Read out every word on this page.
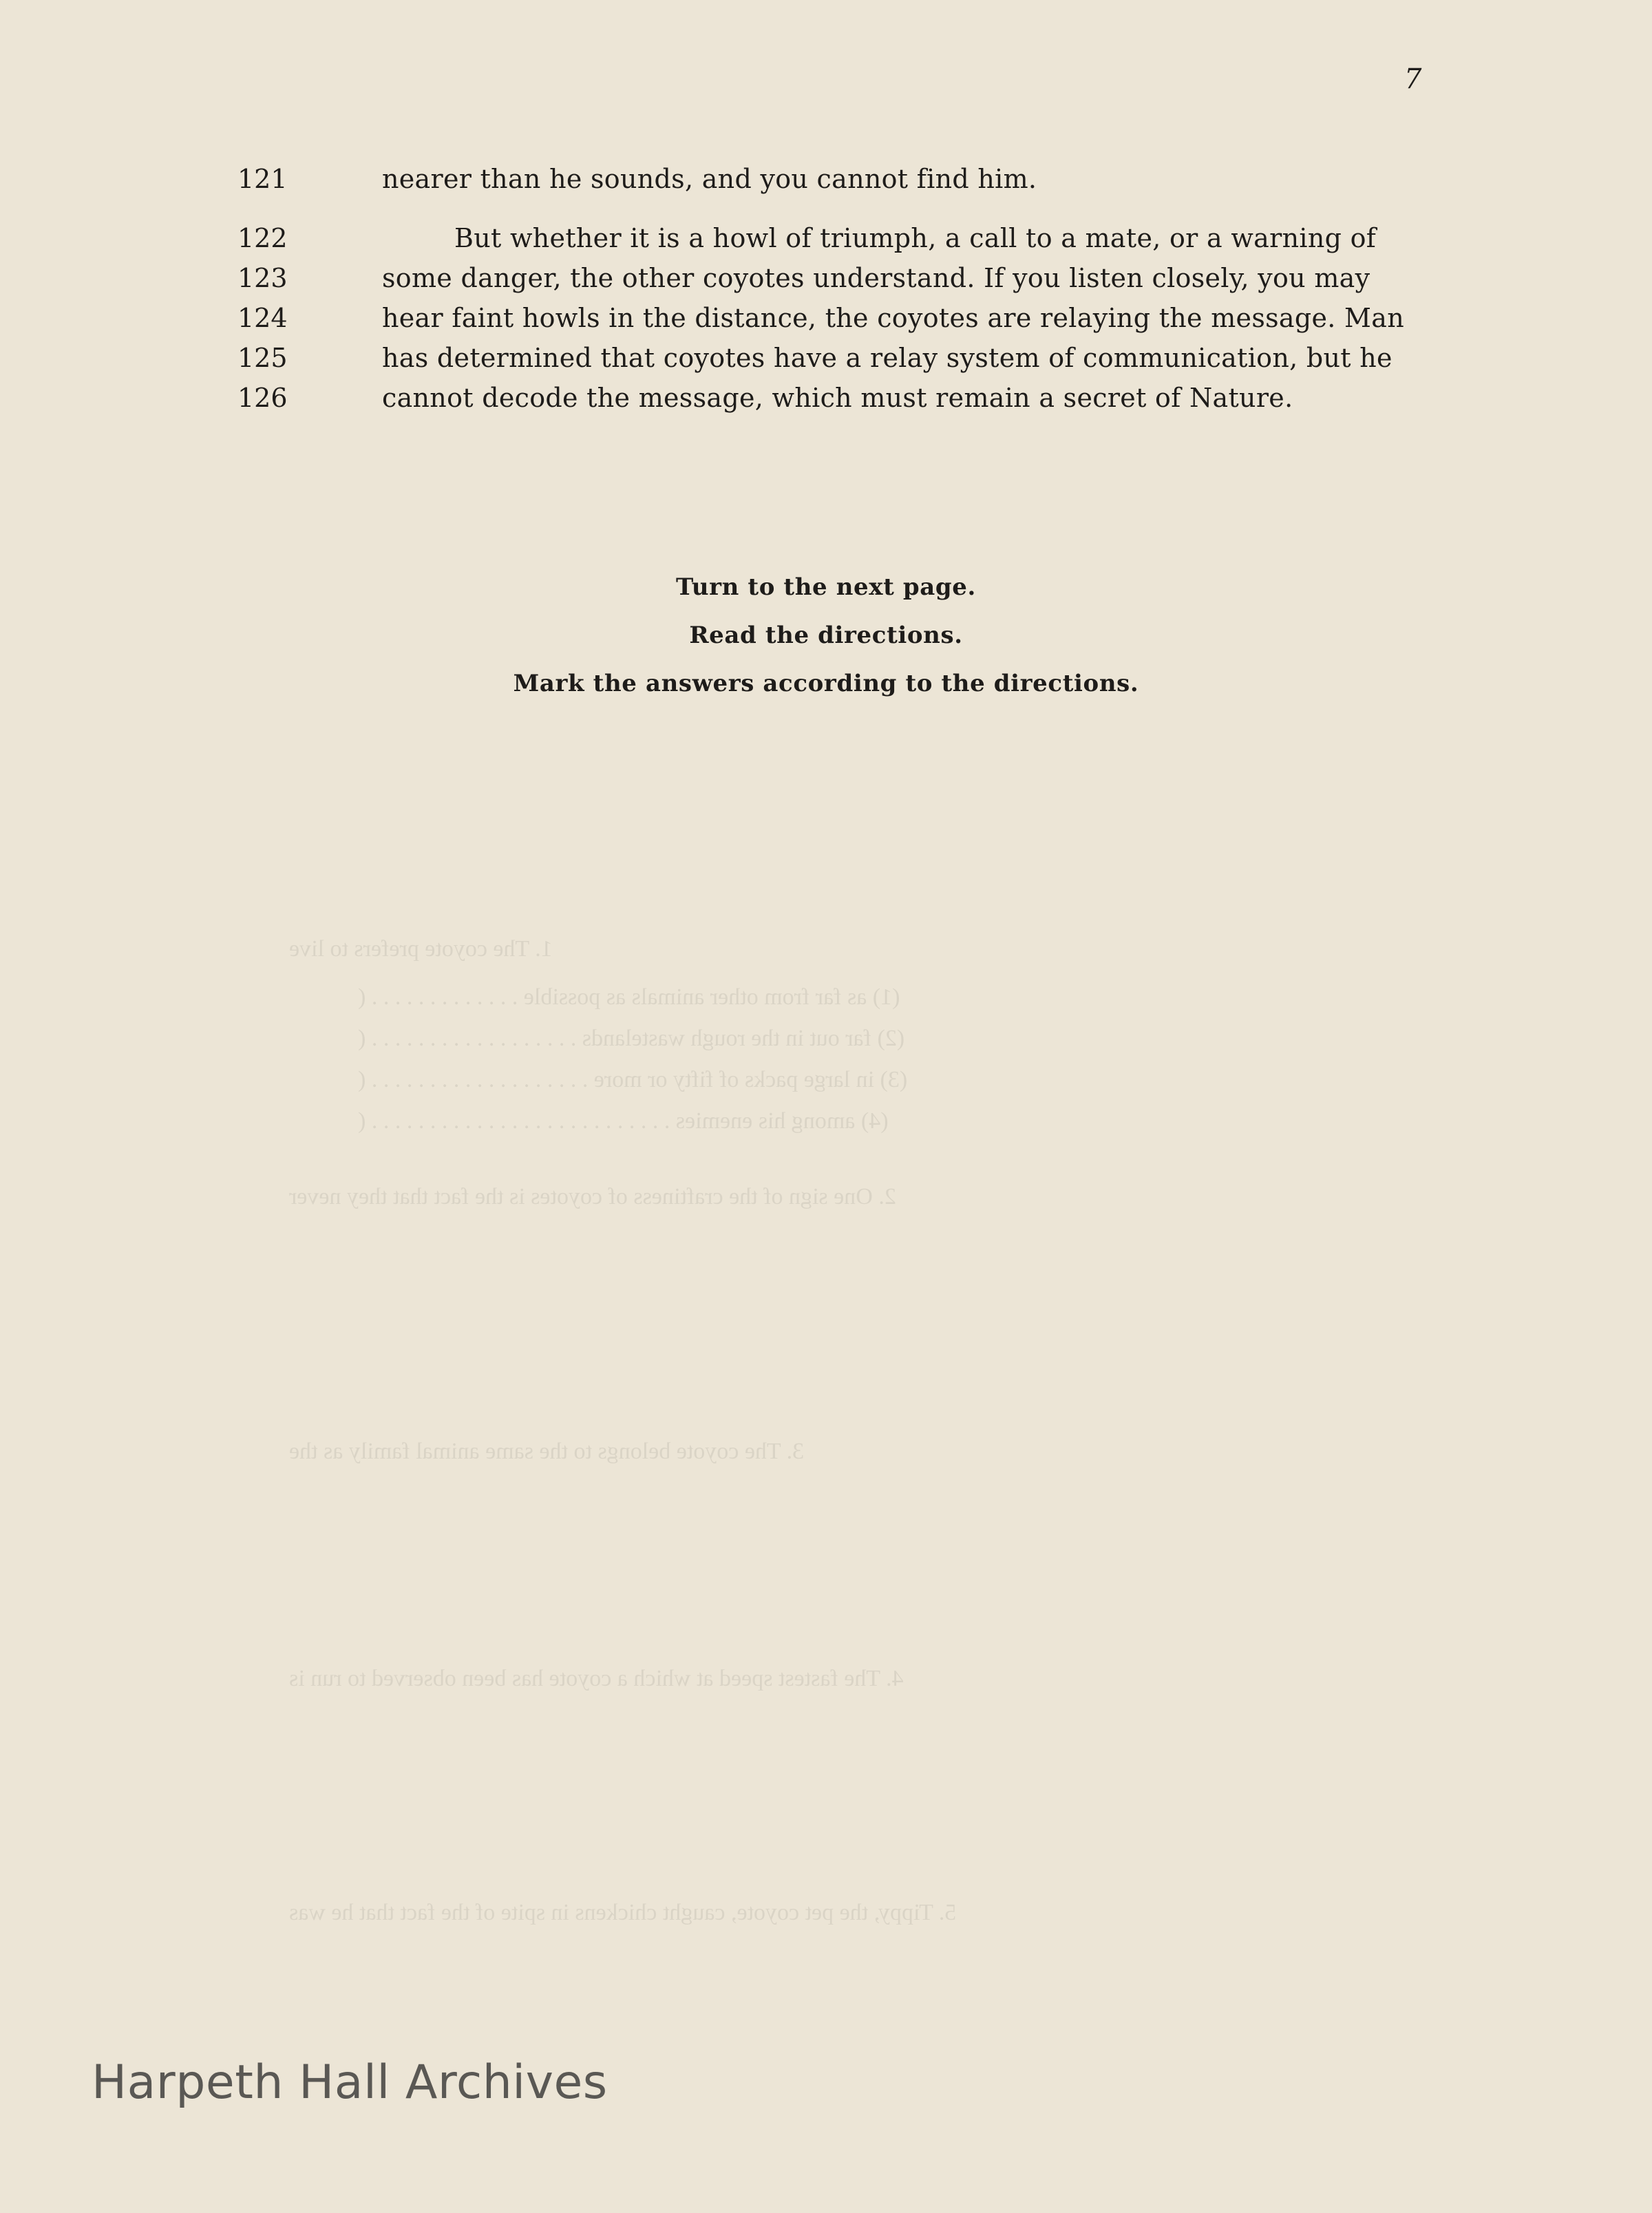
1. The coyote prefers to live
(1) as far from other animals as possible . . . . . . . . . . . . . (
(2) far out in the rough wastelands . . . . . . . . . . . . . . . . . . (
(3) in large packs of fifty or more . . . . . . . . . . . . . . . . . . . (
(4) among his enemies . . . . . . . . . . . . . . . . . . . . . . . . . . (
2. One sign of the craftiness of coyotes is the fact that they never
3. The coyote belongs to the same animal family as the
4. The fastest speed at which a coyote has been observed to run is
5. Tippy, the pet coyote, caught chickens in spite of the fact that he was
7
121	nearer than he sounds, and you cannot find him.
122	But whether it is a howl of triumph, a call to a mate, or a warning of
123	some danger, the other coyotes understand. If you listen closely, you may
124	hear faint howls in the distance, the coyotes are relaying the message. Man
125	has determined that coyotes have a relay system of communication, but he
126	cannot decode the message, which must remain a secret of Nature.
Turn to the next page.
Read the directions.
Mark the answers according to the directions.
Harpeth Hall Archives
